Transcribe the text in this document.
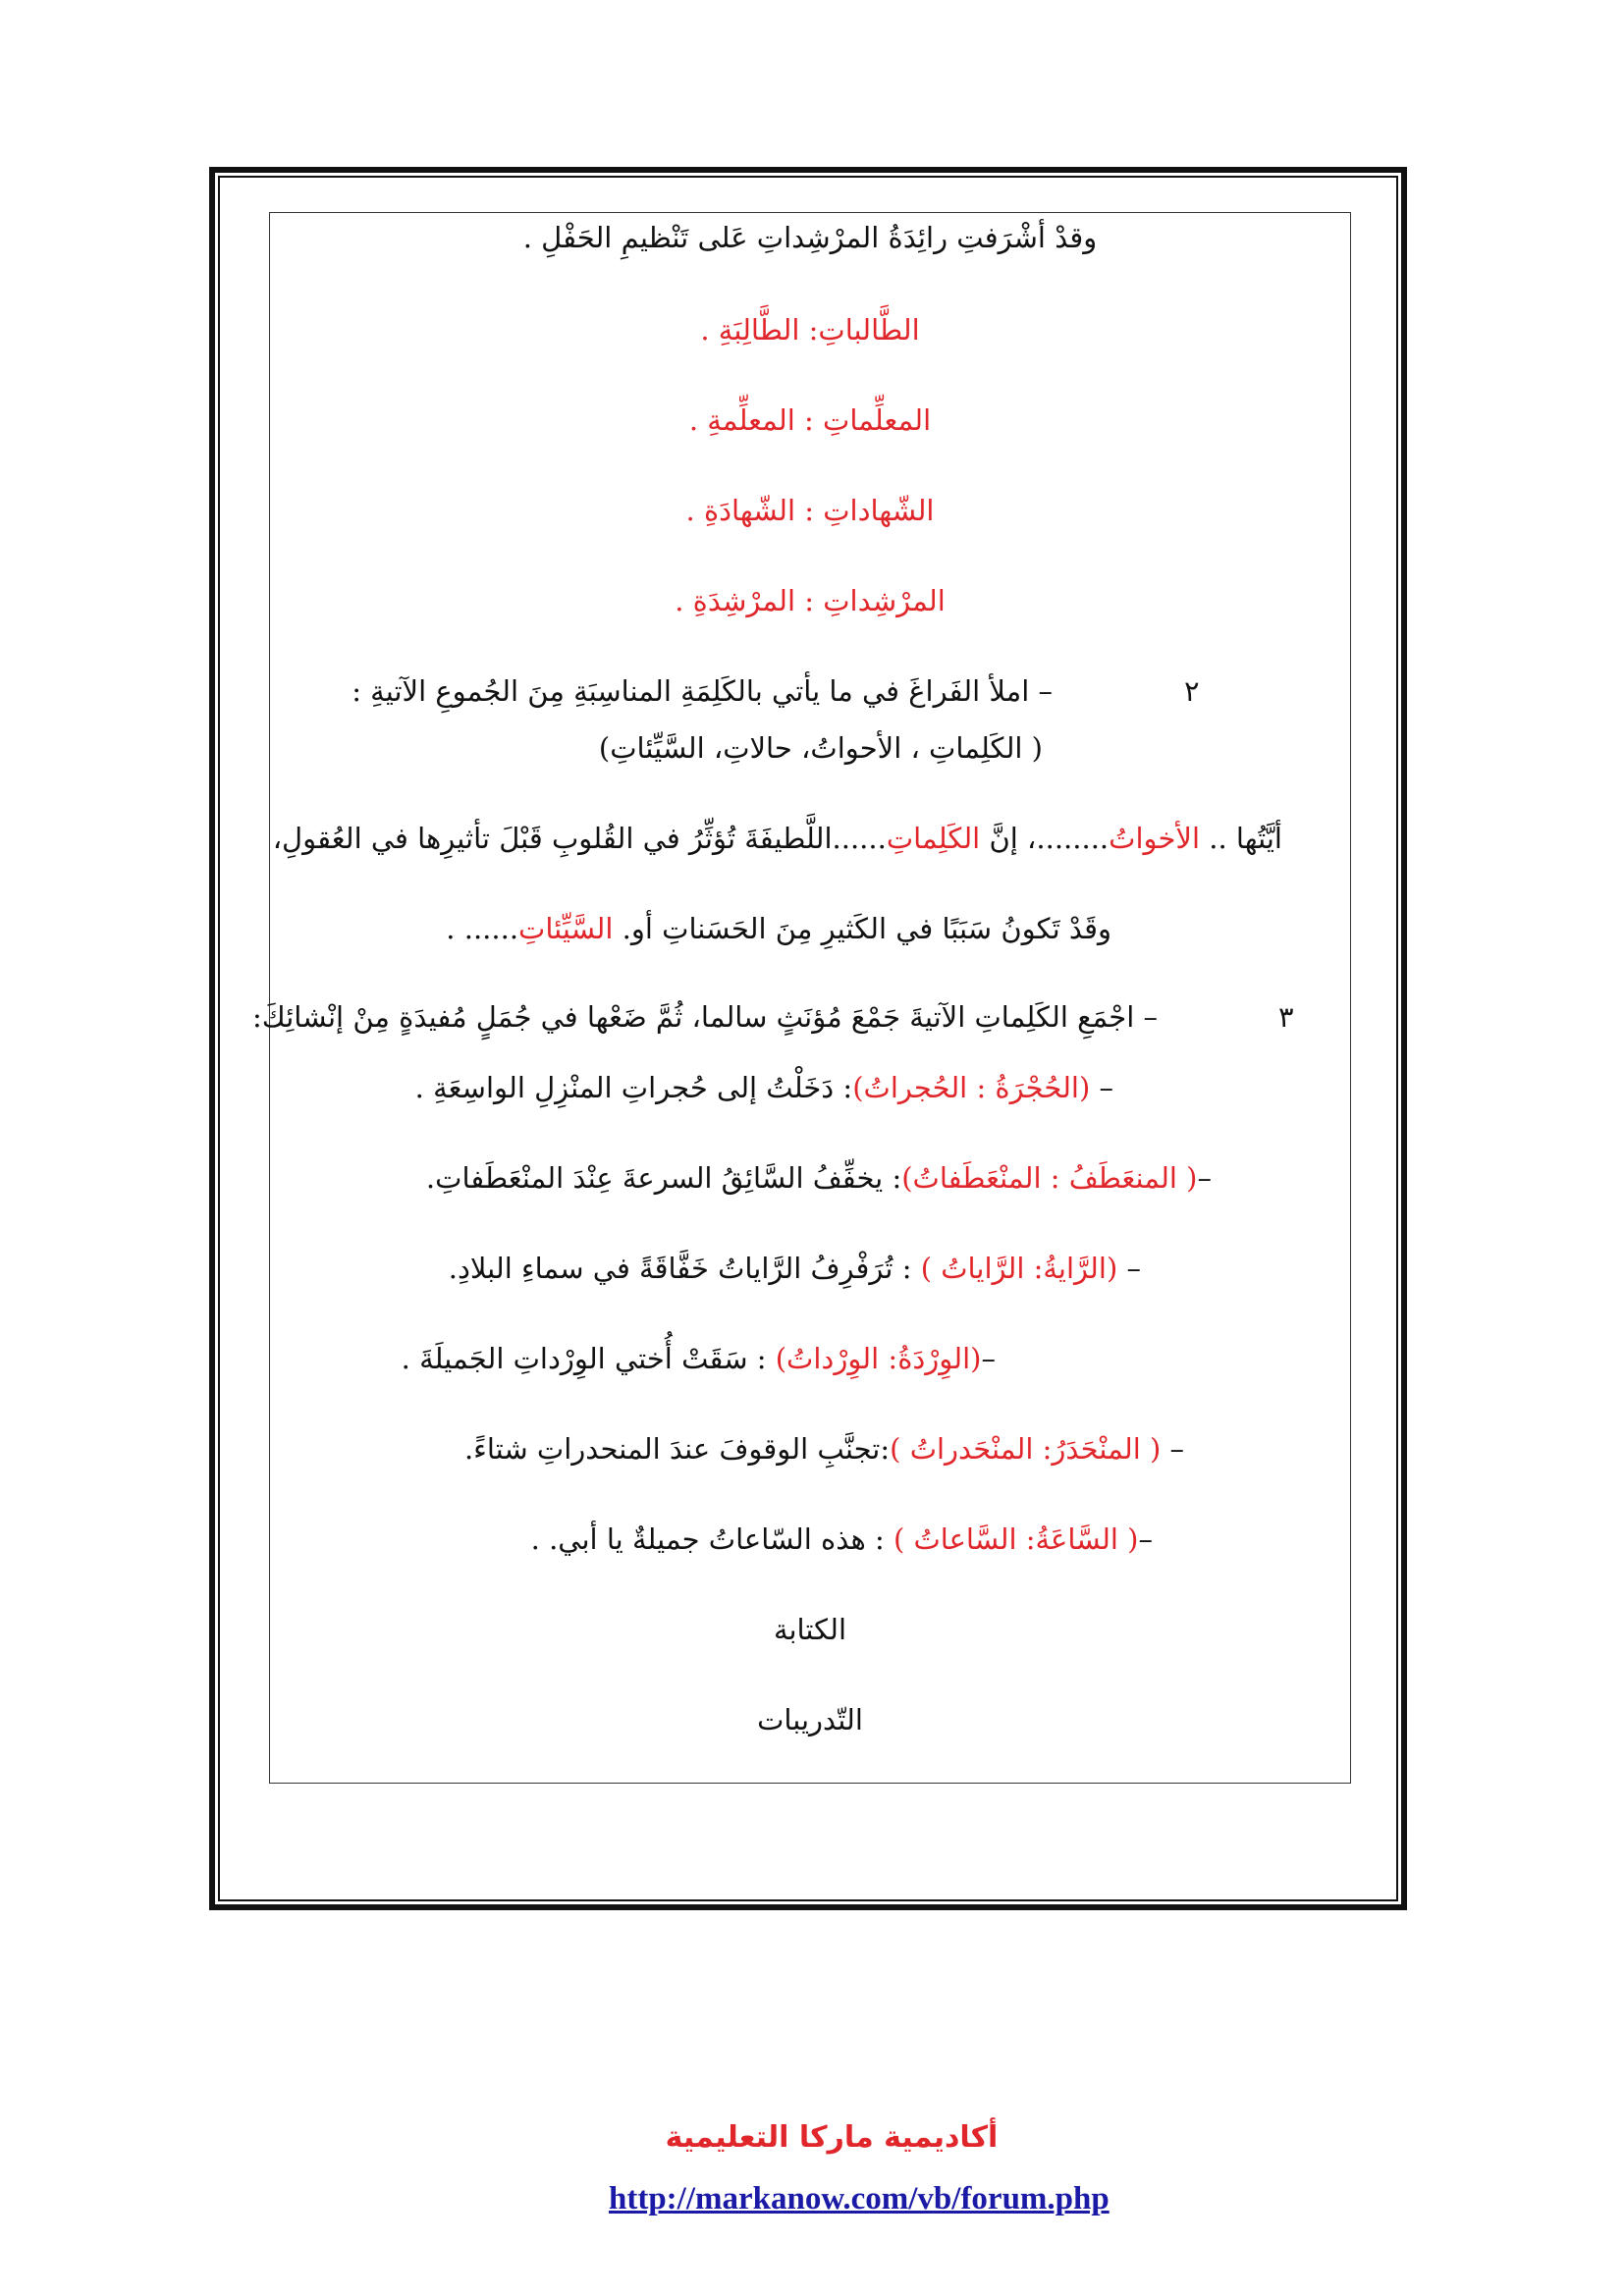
وقدْ أشْرَفتِ رائِدَةُ المرْشِداتِ عَلى تَنْظيمِ الحَفْلِ .
الطَّالباتِ: الطَّالِبَةِ .
المعلِّماتِ : المعلِّمةِ .
الشّهاداتِ : الشّهادَةِ .
المرْشِداتِ : المرْشِدَةِ .
٢
– املأ الفَراغَ في ما يأتي بالكَلِمَةِ المناسِبَةِ مِنَ الجُموعِ الآتيةِ :
( الكَلِماتِ ، الأحواتُ، حالاتِ، السَّيِّئاتِ)
أيَّتُها .. الأخواتُ........، إنَّ الكَلِماتِ......اللَّطيفَةَ تُؤثِّرُ في القُلوبِ قَبْلَ تأثيرِها في العُقولِ،
وقَدْ تَكونُ سَبَبًا في الكَثيرِ مِنَ الحَسَناتِ أو. السَّيِّئاتِ...... .
٣
– اجْمَعِ الكَلِماتِ الآتيةَ جَمْعَ مُؤنَثٍ سالما، ثُمَّ ضَعْها في جُمَلٍ مُفيدَةٍ مِنْ إنْشائِكَ:
– (الحُجْرَةُ : الحُجراتُ): دَخَلْتُ إلى حُجراتِ المنْزِلِ الواسِعَةِ .
–( المنعَطَفُ : المنْعَطَفاتُ): يخفِّفُ السَّائِقُ السرعةَ عِنْدَ المنْعَطَفاتِ.
– (الرَّايةُ: الرَّاياتُ ) : تُرَفْرِفُ الرَّاياتُ خَفَّاقَةً في سماءِ البلادِ.
–(الوِرْدَةُ: الوِرْداتُ) : سَقَتْ أُختي الوِرْداتِ الجَميلَةَ .
– ( المنْحَدَرُ: المنْحَدراتُ ):تجنَّبِ الوقوفَ عندَ المنحدراتِ شتاءً.
–( السَّاعَةُ: السَّاعاتُ ) : هذه السّاعاتُ جميلةٌ يا أبي. .
الكتابة
التّدريبات
أكاديمية ماركا التعليمية
http://markanow.com/vb/forum.php
